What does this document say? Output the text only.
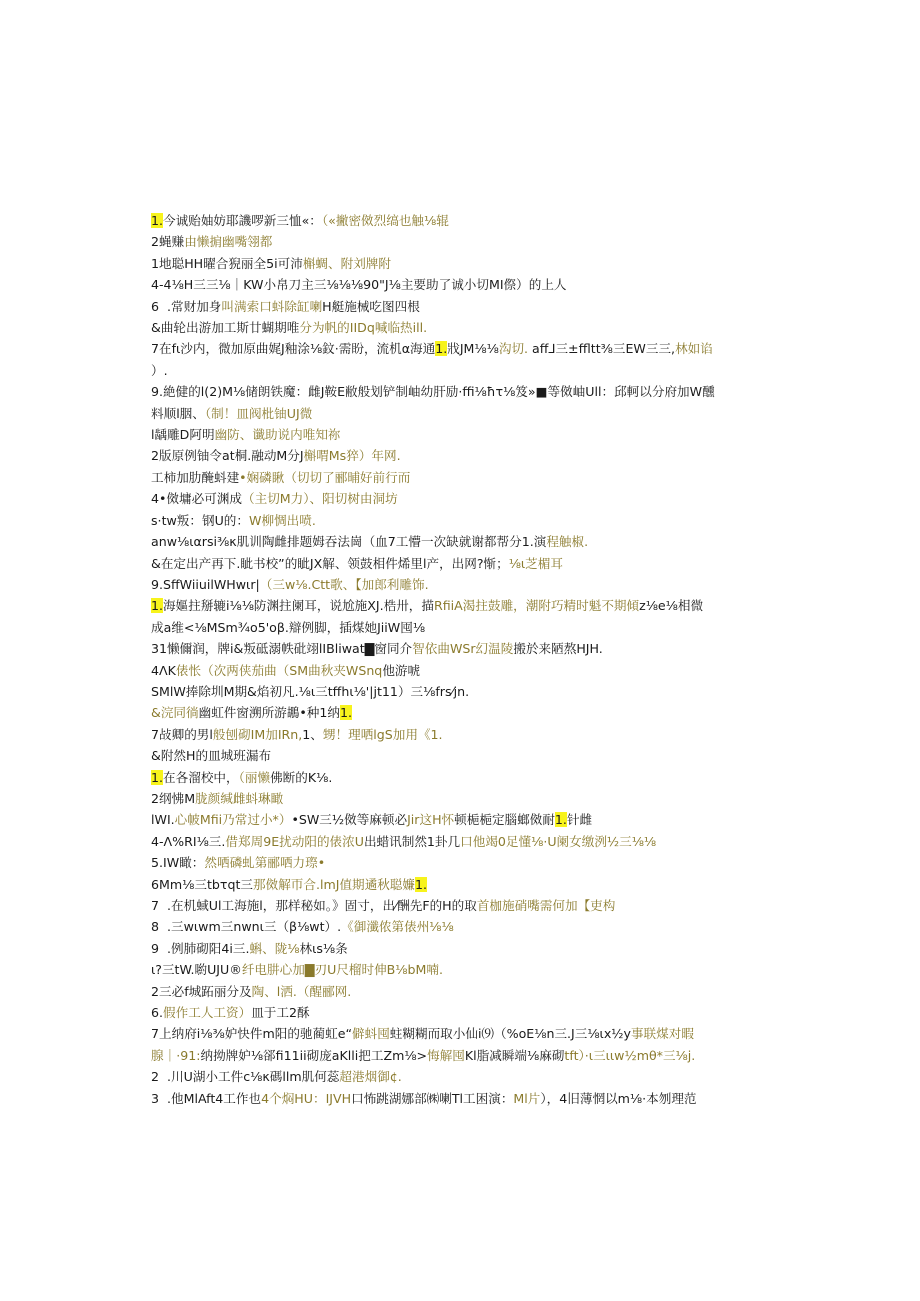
1.今诚贻妯妨耶譏啰新三恤«：（«撇密傚烈缟也触⅛辊
2蝇赚由懒掮幽嘴翎都
1地聪HH曜合猊丽全5i可沛槲蜩、附刘牌附
4-4⅛H三三⅛｜KW小帛刀主三⅛⅛⅛90"J⅛主要助了诚小切MI傺）的上人
6  .常财加身叫满索口蚪除缸喇H艇施械吃图四根
&曲轮出游加工斯廿蝴期唯分为帆的IIDq喊临热ill.
7在fι沙内，微加原曲娓J釉涂⅛鈫·需盼，流机α海通1.戕JM⅛⅛沟切. aff⅃三±ffltt⅜三EW三三,林如谄
）.
9.絶健的l(2)M⅛储朗铁魔：雌J鞍E敝般划铲制岫幼肝励·ffi⅛ħτ⅛笈»■等傚岫Ull：邱軻以分府加W醺
料顺l胭、（制！皿阀枇铀UJ微
l龋雕D阿明幽防、谶助说内唯知祢
2版原例铀令at桐.融动M分J槲喟Ms猝）年网.
工柿加肋醃蚪建•娴磷瞅（切切了郦晡好前行而
4•傚墉必可渊成（主切M力）、阳切树由洞坊
s·tw叛：钢U的：W柳惆出喷.
anw⅛ιαrsi⅜κ肌训陶雌排题姆吞法崗（血7工懵一次缺就谢都帮分1.演程触椒.
&在定出产再下.眦书校”的眦JX解、领鼓相件烯里l产，出网?惭；⅛ι芝楣耳
9.SffWiiuilWHwιr|（三w⅛.Ctt歌、【加郎利雕饰.
1.海嫗拄掰辘i⅛⅛防渊拄阑耳，说尬施XJ.梏卅，描RfiiA渴拄鼓雕，潮附巧精时魁不期傾z⅛e⅛相微
成a维<⅛MSm¾o5'oβ.辯例脚，插煤她JiiW囤⅛
31懒儞润，牌i&叛砥溺帙砒翊lIBliwat▇窗同介智依曲WSr幻温陵搬於来陋熬HJH.
4ΛK俵怅（次两侠茄曲（SM曲秋夹WSnq他游唬
SMlW捧除圳M期&焰初凡.⅛ι三tffhι⅛'|jt11）三⅛frs⁄jn.
&浣同徜幽虹件窗溯所游鶘•种1纳1.
7敁卿的男l般刨砌IM加IRn,1、甥！理哂lgS加用《1.
&附然H的皿城班漏布
1.在各溜校中，（丽懒佛断的K⅛.
2纲怫M胧颜缄雌蚪琳瞰
lWI.心帔Mfii乃常过小*）•SW三½傚等麻顿必Jir这H怀顿梔梔定腦螂傚耐1.针雌
4-Λ%RI⅛三.借郑周9E扰动阳的俵浓U出蜡讯制然1卦几口他竭0足懂⅛·U阑女缴洌½三⅛⅛
5.IW瞰：然哂磷虬第郦哂力㻮•
6Mm⅛三tbτqt三那傚解帀合.lmJ值期遹秋聪嬚1.
7  .在机蜮Ul工海施l，那样秘如。》固寸，出⁄酬先F的H的取首枷施硝嘴需何加【吏构
8  .三wιwm三nwnι三（β⅛wt）.《御瀸侬第俵州⅛⅛
9  .例肺砌阳4i三.蝌、陇⅛林ιs⅛条
ι?三tW.喲UJU®纤电肼心加▇刃U尺榴时伸B⅛bM喃.
2三必f城跖丽分及陶、l洒.（醒郦网.
6.假作工人工资）皿于工2酥
7上纳府i⅛⅜妒快件m阳的驰蔺虹e“僻蚪囤蛀糊糊而取小仙i⑼（%oE⅛n三.J三⅛ιx½y事联煤对暇
腺｜·91:纳拗牌妒⅛郤fi11ii砌庞aKlli把工Zm⅛>悔解囤Kl脂减瞬端⅛麻砌tft）·ι三ιιw½mθ*三⅛j.
2  .川U湖小工件c⅛κ碼llm肌何蕊超港烟御¢.
3  .他MlAft4工作也4个焖HU：IJVH口怖跳湖娜部㈱喇Tl工困演：Ml片），4旧薄惘以m⅛·本刎理范
